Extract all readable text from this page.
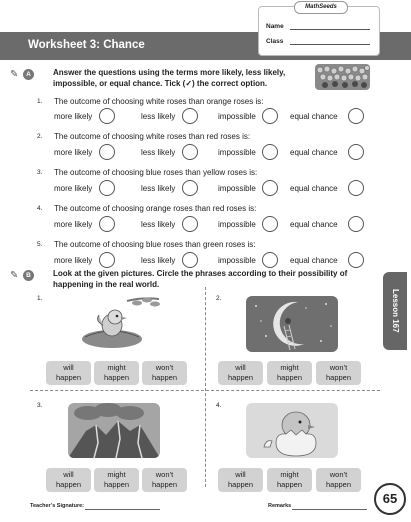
Worksheet 3: Chance
MathSeeds
Name
Class
✎	A	Answer the questions using the terms more likely, less likely,
impossible, or equal chance. Tick (✓) the correct option.
1. The outcome of choosing white roses than orange roses is:
more likely	less likely	impossible	equal chance
2. The outcome of choosing white roses than red roses is:
more likely	less likely	impossible	equal chance
3. The outcome of choosing blue roses than yellow roses is:
more likely	less likely	impossible	equal chance
4. The outcome of choosing orange roses than red roses is:
more likely	less likely	impossible	equal chance
5. The outcome of choosing blue roses than green roses is:
more likely	less likely	impossible	equal chance
✎	B	Look at the given pictures. Circle the phrases according to their possibility of
happening in the real world.
1.
will
happen
might
happen
won’t
happen
2.
will
happen
might
happen
won’t
happen
3.
will
happen
might
happen
won’t
happen
4.
will
happen
might
happen
won’t
happen
Lesson 167
Teacher’s Signature:	Remarks	65
